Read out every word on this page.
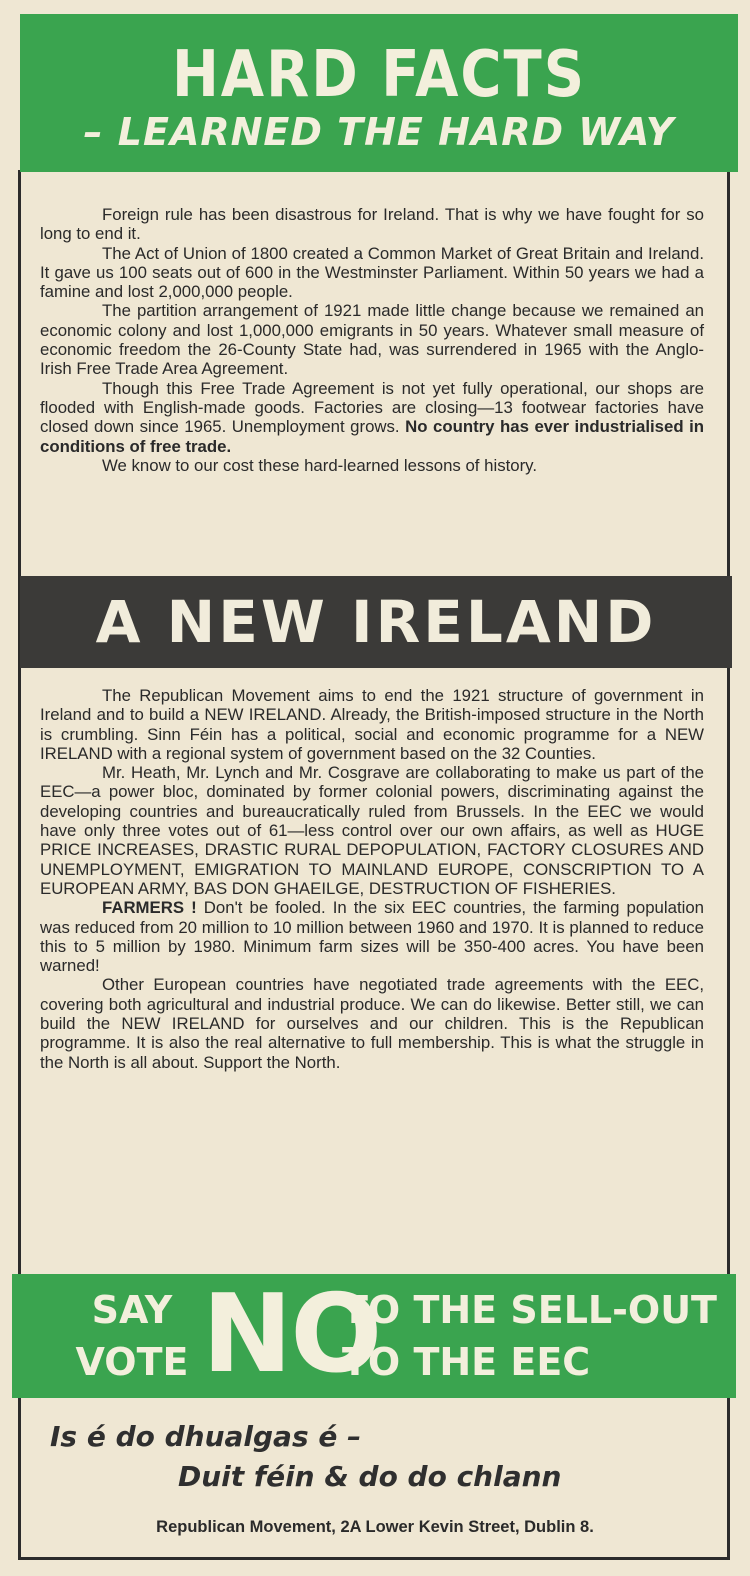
HARD FACTS
– LEARNED THE HARD WAY

Foreign rule has been disastrous for Ireland. That is why we have fought for so long to end it.

The Act of Union of 1800 created a Common Market of Great Britain and Ireland. It gave us 100 seats out of 600 in the Westminster Parliament. Within 50 years we had a famine and lost 2,000,000 people.

The partition arrangement of 1921 made little change because we remained an economic colony and lost 1,000,000 emigrants in 50 years. Whatever small measure of economic freedom the 26-County State had, was surrendered in 1965 with the Anglo-Irish Free Trade Area Agreement.

Though this Free Trade Agreement is not yet fully operational, our shops are flooded with English-made goods. Factories are closing—13 footwear factories have closed down since 1965. Unemployment grows. No country has ever industrialised in conditions of free trade.

We know to our cost these hard-learned lessons of history.

A NEW IRELAND

The Republican Movement aims to end the 1921 structure of government in Ireland and to build a NEW IRELAND. Already, the British-imposed structure in the North is crumbling. Sinn Féin has a political, social and economic programme for a NEW IRELAND with a regional system of government based on the 32 Counties.

Mr. Heath, Mr. Lynch and Mr. Cosgrave are collaborating to make us part of the EEC—a power bloc, dominated by former colonial powers, discriminating against the developing countries and bureaucratically ruled from Brussels. In the EEC we would have only three votes out of 61—less control over our own affairs, as well as HUGE PRICE INCREASES, DRASTIC RURAL DEPOPULATION, FACTORY CLOSURES AND UNEMPLOYMENT, EMIGRATION TO MAINLAND EUROPE, CONSCRIPTION TO A EUROPEAN ARMY, BAS DON GHAEILGE, DESTRUCTION OF FISHERIES.

FARMERS ! Don't be fooled. In the six EEC countries, the farming population was reduced from 20 million to 10 million between 1960 and 1970. It is planned to reduce this to 5 million by 1980. Minimum farm sizes will be 350-400 acres. You have been warned!

Other European countries have negotiated trade agreements with the EEC, covering both agricultural and industrial produce. We can do likewise. Better still, we can build the NEW IRELAND for ourselves and our children. This is the Republican programme. It is also the real alternative to full membership. This is what the struggle in the North is all about. Support the North.

SAY
VOTE NO
TO THE SELL-OUT
TO THE EEC
Is é do dhualgas é –
Duit féin & do do chlann
Republican Movement, 2A Lower Kevin Street, Dublin 8.
